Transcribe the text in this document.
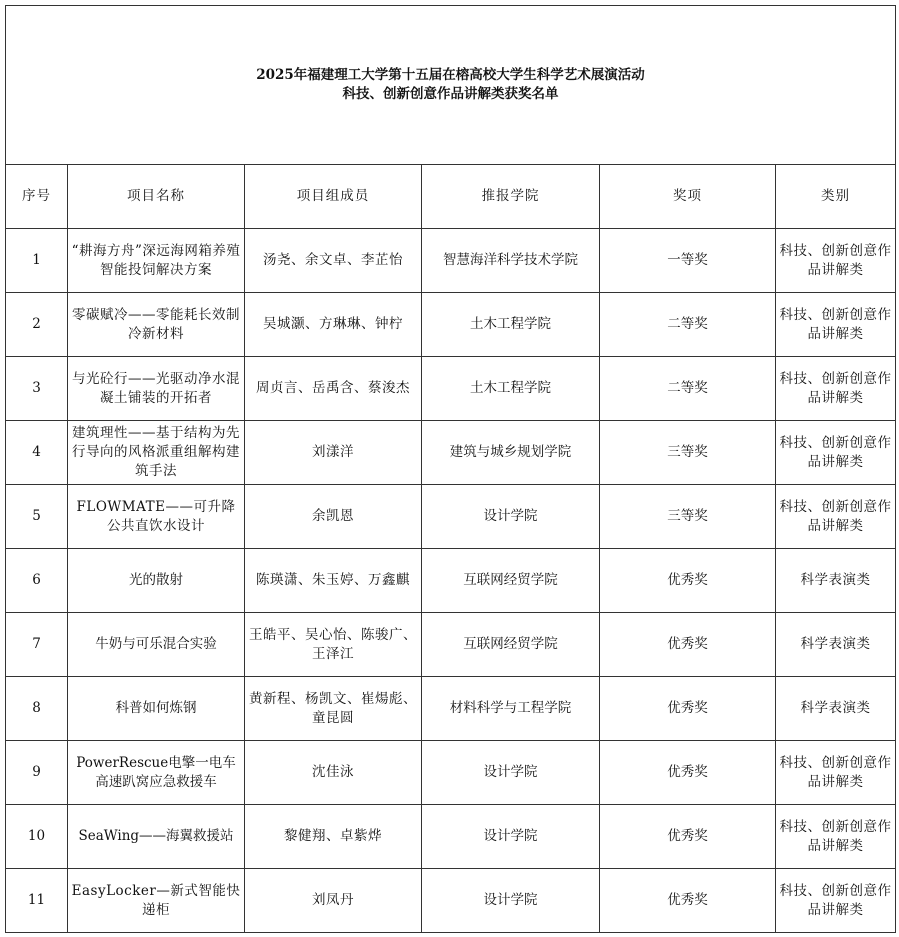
2025年福建理工大学第十五届在榕高校大学生科学艺术展演活动
科技、创新创意作品讲解类获奖名单					

序号	项目名称	项目组成员	推报学院	奖项	类别
1	“耕海方舟”深远海网箱养殖智能投饲解决方案	汤尧、余文卓、李芷怡	智慧海洋科学技术学院	一等奖	科技、创新创意作品讲解类
2	零碳赋冷——零能耗长效制冷新材料	吴城灏、方琳琳、钟柠	土木工程学院	二等奖	科技、创新创意作品讲解类
3	与光砼行——光驱动净水混凝土铺装的开拓者	周贞言、岳禹含、蔡浚杰	土木工程学院	二等奖	科技、创新创意作品讲解类
4	建筑理性——基于结构为先行导向的风格派重组解构建筑手法	刘漾洋	建筑与城乡规划学院	三等奖	科技、创新创意作品讲解类
5	FLOWMATE——可升降公共直饮水设计	余凯恩	设计学院	三等奖	科技、创新创意作品讲解类
6	光的散射	陈瑛潇、朱玉婷、万鑫麒	互联网经贸学院	优秀奖	科学表演类
7	牛奶与可乐混合实验	王皓平、吴心怡、陈骏广、王泽江	互联网经贸学院	优秀奖	科学表演类
8	科普如何炼钢	黄新程、杨凯文、崔煬彪、童昆圆	材料科学与工程学院	优秀奖	科学表演类
9	PowerRescue电擎一电车高速趴窝应急救援车	沈佳泳	设计学院	优秀奖	科技、创新创意作品讲解类
10	SeaWing——海翼救援站	黎健翔、卓紫烨	设计学院	优秀奖	科技、创新创意作品讲解类
11	EasyLocker—新式智能快递柜	刘凤丹	设计学院	优秀奖	科技、创新创意作品讲解类
